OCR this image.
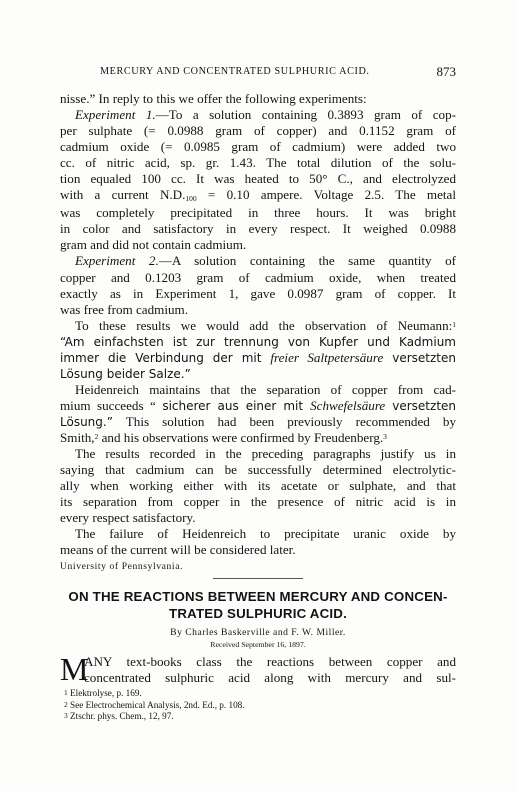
MERCURY AND CONCENTRATED SULPHURIC ACID.	873

nisse.” In reply to this we offer the following experiments:

Experiment 1.—To a solution containing 0.3893 gram of cop-
per sulphate (= 0.0988 gram of copper) and 0.1152 gram of
cadmium oxide (= 0.0985 gram of cadmium) were added two
cc. of nitric acid, sp. gr. 1.43. The total dilution of the solu-
tion equaled 100 cc. It was heated to 50° C., and electrolyzed
with a current $N.D._{100} = 0.10$ ampere. Voltage 2.5. The metal
was completely precipitated in three hours. It was bright
in color and satisfactory in every respect. It weighed 0.0988
gram and did not contain cadmium.

Experiment 2.—A solution containing the same quantity of
copper and 0.1203 gram of cadmium oxide, when treated
exactly as in Experiment 1, gave 0.0987 gram of copper. It
was free from cadmium.

To these results we would add the observation of Neumann:$^1$
“Am einfachsten ist zur trennung von Kupfer und Kadmium
immer die Verbindung der mit freier Saltpetersäure versetzten
Lösung beider Salze.”

Heidenreich maintains that the separation of copper from cad-
mium succeeds “ sicherer aus einer mit Schwefelsäure versetzten
Lösung.” This solution had been previously recommended by
Smith,$^2$ and his observations were confirmed by Freudenberg.$^3$

The results recorded in the preceding paragraphs justify us in
saying that cadmium can be successfully determined electrolytic-
ally when working either with its acetate or sulphate, and that
its separation from copper in the presence of nitric acid is in
every respect satisfactory.

The failure of Heidenreich to precipitate uranic oxide by
means of the current will be considered later.

University of Pennsylvania.
ON THE REACTIONS BETWEEN MERCURY AND CONCEN-
TRATED SULPHURIC ACID.
By Charles Baskerville and F. W. Miller.
Received September 16, 1897.
M
ANY text-books class the reactions between copper and
concentrated sulphuric acid along with mercury and sul-
$^1$ Elektrolyse, p. 169.
$^2$ See Electrochemical Analysis, 2nd. Ed., p. 108.
$^3$ Ztschr. phys. Chem., 12, 97.
